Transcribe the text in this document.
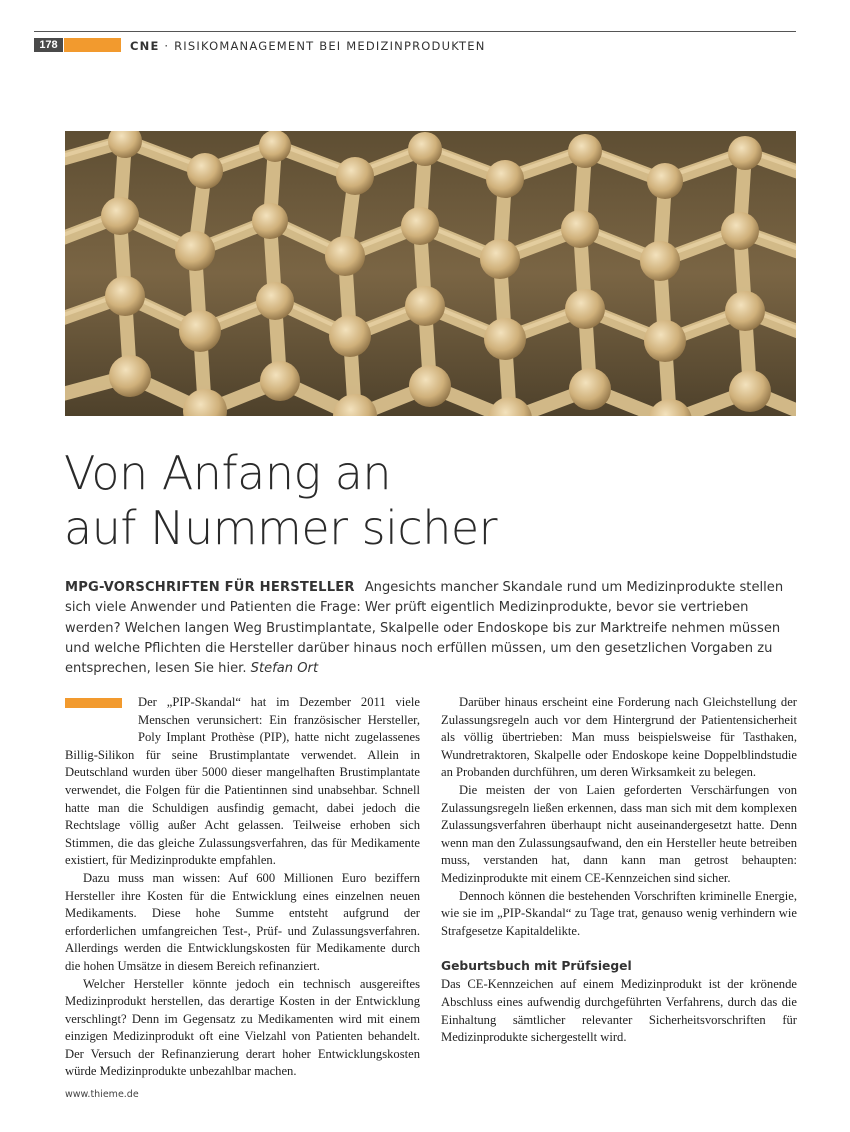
178	CNE · RISIKOMANAGEMENT BEI MEDIZINPRODUKTEN
Von Anfang an
auf Nummer sicher

MPG-VORSCHRIFTEN FÜR HERSTELLER Angesichts mancher Skandale rund um Medizinprodukte stellen sich viele Anwender und Patienten die Frage: Wer prüft eigentlich Medizinprodukte, bevor sie vertrieben werden? Welchen langen Weg Brustimplantate, Skalpelle oder Endoskope bis zur Marktreife nehmen müssen und welche Pflichten die Hersteller darüber hinaus noch erfüllen müssen, um den gesetzlichen Vorgaben zu entsprechen, lesen Sie hier. Stefan Ort

Der „PIP-Skandal“ hat im Dezember 2011 viele Menschen verunsichert: Ein französischer Hersteller, Poly Implant Prothèse (PIP), hatte nicht zugelassenes Billig-Silikon für seine Brustimplantate verwendet. Allein in Deutschland wurden über 5000 dieser mangelhaften Brustimplantate verwendet, die Folgen für die Patientinnen sind unabsehbar. Schnell hatte man die Schuldigen ausfindig gemacht, dabei jedoch die Rechtslage völlig außer Acht gelassen. Teilweise erhoben sich Stimmen, die das gleiche Zulassungsverfahren, das für Medikamente existiert, für Medizinprodukte empfahlen.

Dazu muss man wissen: Auf 600 Millionen Euro beziffern Hersteller ihre Kosten für die Entwicklung eines einzelnen neuen Medikaments. Diese hohe Summe entsteht aufgrund der erforderlichen umfangreichen Test-, Prüf- und Zulassungsverfahren. Allerdings werden die Entwicklungskosten für Medikamente durch die hohen Umsätze in diesem Bereich refinanziert.

Welcher Hersteller könnte jedoch ein technisch ausgereiftes Medizinprodukt herstellen, das derartige Kosten in der Entwicklung verschlingt? Denn im Gegensatz zu Medikamenten wird mit einem einzigen Medizinprodukt oft eine Vielzahl von Patienten behandelt. Der Versuch der Refinanzierung derart hoher Entwicklungskosten würde Medizinprodukte unbezahlbar machen.

Darüber hinaus erscheint eine Forderung nach Gleichstellung der Zulassungsregeln auch vor dem Hintergrund der Patientensicherheit als völlig übertrieben: Man muss beispielsweise für Tasthaken, Wundretraktoren, Skalpelle oder Endoskope keine Doppelblindstudie an Probanden durchführen, um deren Wirksamkeit zu belegen.

Die meisten der von Laien geforderten Verschärfungen von Zulassungsregeln ließen erkennen, dass man sich mit dem komplexen Zulassungsverfahren überhaupt nicht auseinandergesetzt hatte. Denn wenn man den Zulassungsaufwand, den ein Hersteller heute betreiben muss, verstanden hat, dann kann man getrost behaupten: Medizinprodukte mit einem CE-Kennzeichen sind sicher.

Dennoch können die bestehenden Vorschriften kriminelle Energie, wie sie im „PIP-Skandal“ zu Tage trat, genauso wenig verhindern wie Strafgesetze Kapitaldelikte.

Geburtsbuch mit Prüfsiegel

Das CE-Kennzeichen auf einem Medizinprodukt ist der krönende Abschluss eines aufwendig durchgeführten Verfahrens, durch das die Einhaltung sämtlicher relevanter Sicherheitsvorschriften für Medizinprodukte sichergestellt wird.

www.thieme.de
